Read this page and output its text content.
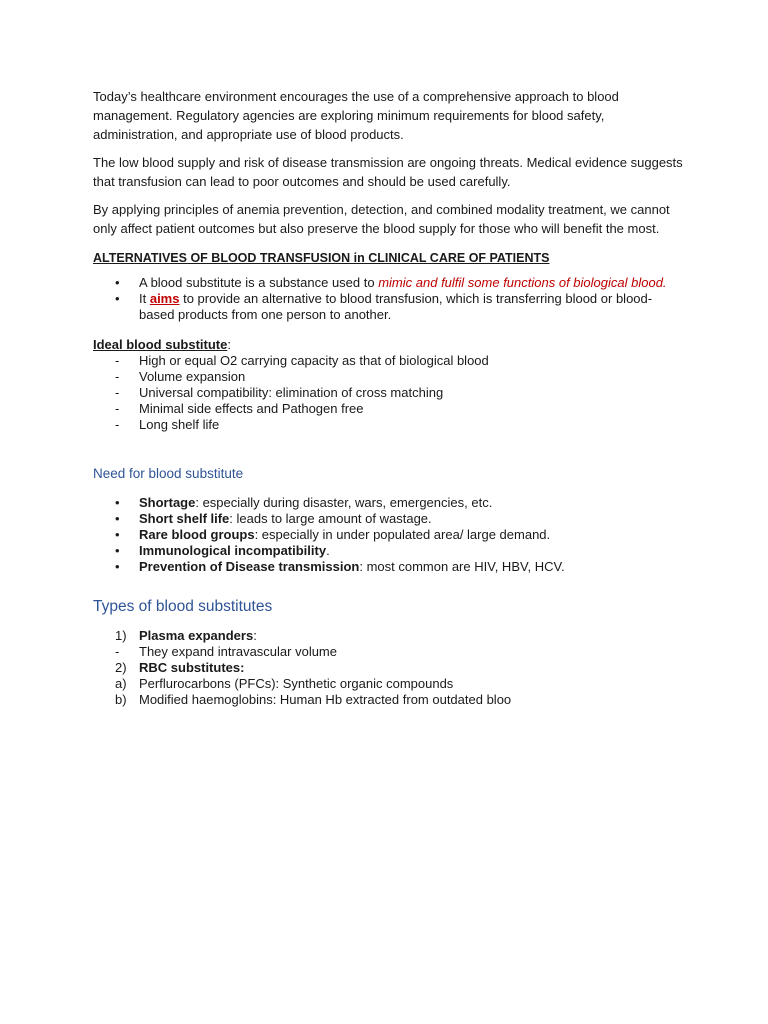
Today’s healthcare environment encourages the use of a comprehensive approach to blood management. Regulatory agencies are exploring minimum requirements for blood safety, administration, and appropriate use of blood products.

The low blood supply and risk of disease transmission are ongoing threats. Medical evidence suggests that transfusion can lead to poor outcomes and should be used carefully.

By applying principles of anemia prevention, detection, and combined modality treatment, we cannot only affect patient outcomes but also preserve the blood supply for those who will benefit the most.

ALTERNATIVES OF BLOOD TRANSFUSION in CLINICAL CARE OF PATIENTS
•	A blood substitute is a substance used to mimic and fulfil some functions of biological blood.
•	It aims to provide an alternative to blood transfusion, which is transferring blood or blood-based products from one person to another.
Ideal blood substitute:
-	High or equal O2 carrying capacity as that of biological blood
-	Volume expansion
-	Universal compatibility: elimination of cross matching
-	Minimal side effects and Pathogen free
-	Long shelf life
Need for blood substitute
•	Shortage: especially during disaster, wars, emergencies, etc.
•	Short shelf life: leads to large amount of wastage.
•	Rare blood groups: especially in under populated area/ large demand.
•	Immunological incompatibility.
•	Prevention of Disease transmission: most common are HIV, HBV, HCV.
Types of blood substitutes
1) Plasma expanders:
-	They expand intravascular volume
2) RBC substitutes:
a) Perflurocarbons (PFCs): Synthetic organic compounds
b) Modified haemoglobins: Human Hb extracted from outdated bloo
